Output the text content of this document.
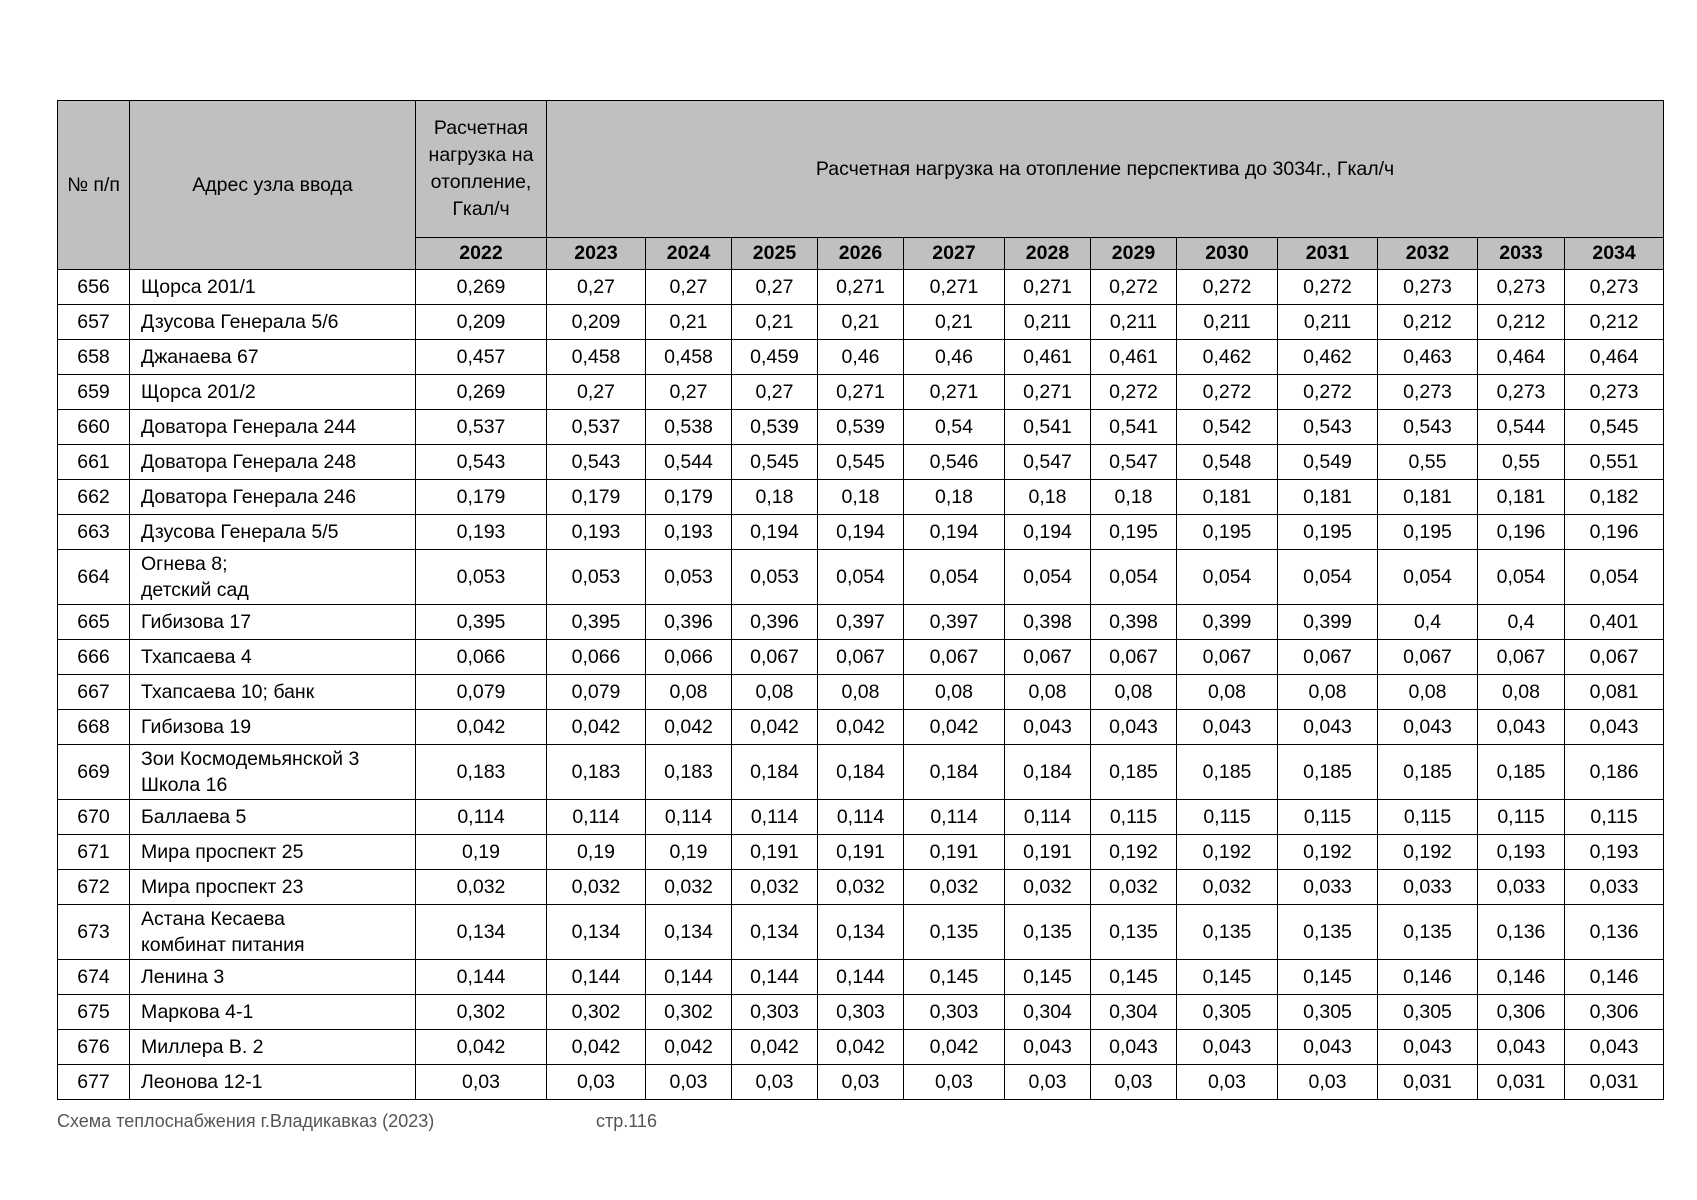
№ п/п	Адрес узла ввода	Расчетная нагрузка на отопление, Гкал/ч	Расчетная нагрузка на отопление перспектива до 3034г., Гкал/ч											
		2022	2023	2024	2025	2026	2027	2028	2029	2030	2031	2032	2033	2034
656	Щорса 201/1	0,269	0,27	0,27	0,27	0,271	0,271	0,271	0,272	0,272	0,272	0,273	0,273	0,273
657	Дзусова Генерала 5/6	0,209	0,209	0,21	0,21	0,21	0,21	0,211	0,211	0,211	0,211	0,212	0,212	0,212
658	Джанаева 67	0,457	0,458	0,458	0,459	0,46	0,46	0,461	0,461	0,462	0,462	0,463	0,464	0,464
659	Щорса 201/2	0,269	0,27	0,27	0,27	0,271	0,271	0,271	0,272	0,272	0,272	0,273	0,273	0,273
660	Доватора Генерала 244	0,537	0,537	0,538	0,539	0,539	0,54	0,541	0,541	0,542	0,543	0,543	0,544	0,545
661	Доватора Генерала 248	0,543	0,543	0,544	0,545	0,545	0,546	0,547	0,547	0,548	0,549	0,55	0,55	0,551
662	Доватора Генерала 246	0,179	0,179	0,179	0,18	0,18	0,18	0,18	0,18	0,181	0,181	0,181	0,181	0,182
663	Дзусова Генерала 5/5	0,193	0,193	0,193	0,194	0,194	0,194	0,194	0,195	0,195	0,195	0,195	0,196	0,196
664	Огнева 8;
детский сад	0,053	0,053	0,053	0,053	0,054	0,054	0,054	0,054	0,054	0,054	0,054	0,054	0,054
665	Гибизова 17	0,395	0,395	0,396	0,396	0,397	0,397	0,398	0,398	0,399	0,399	0,4	0,4	0,401
666	Тхапсаева 4	0,066	0,066	0,066	0,067	0,067	0,067	0,067	0,067	0,067	0,067	0,067	0,067	0,067
667	Тхапсаева 10; банк	0,079	0,079	0,08	0,08	0,08	0,08	0,08	0,08	0,08	0,08	0,08	0,08	0,081
668	Гибизова 19	0,042	0,042	0,042	0,042	0,042	0,042	0,043	0,043	0,043	0,043	0,043	0,043	0,043
669	Зои Космодемьянской 3
Школа 16	0,183	0,183	0,183	0,184	0,184	0,184	0,184	0,185	0,185	0,185	0,185	0,185	0,186
670	Баллаева 5	0,114	0,114	0,114	0,114	0,114	0,114	0,114	0,115	0,115	0,115	0,115	0,115	0,115
671	Мира проспект 25	0,19	0,19	0,19	0,191	0,191	0,191	0,191	0,192	0,192	0,192	0,192	0,193	0,193
672	Мира проспект 23	0,032	0,032	0,032	0,032	0,032	0,032	0,032	0,032	0,032	0,033	0,033	0,033	0,033
673	Астана Кесаева
комбинат питания	0,134	0,134	0,134	0,134	0,134	0,135	0,135	0,135	0,135	0,135	0,135	0,136	0,136
674	Ленина 3	0,144	0,144	0,144	0,144	0,144	0,145	0,145	0,145	0,145	0,145	0,146	0,146	0,146
675	Маркова 4-1	0,302	0,302	0,302	0,303	0,303	0,303	0,304	0,304	0,305	0,305	0,305	0,306	0,306
676	Миллера В. 2	0,042	0,042	0,042	0,042	0,042	0,042	0,043	0,043	0,043	0,043	0,043	0,043	0,043
677	Леонова 12-1	0,03	0,03	0,03	0,03	0,03	0,03	0,03	0,03	0,03	0,03	0,031	0,031	0,031
Схема теплоснабжения г.Владикавказ (2023)	стр.116
